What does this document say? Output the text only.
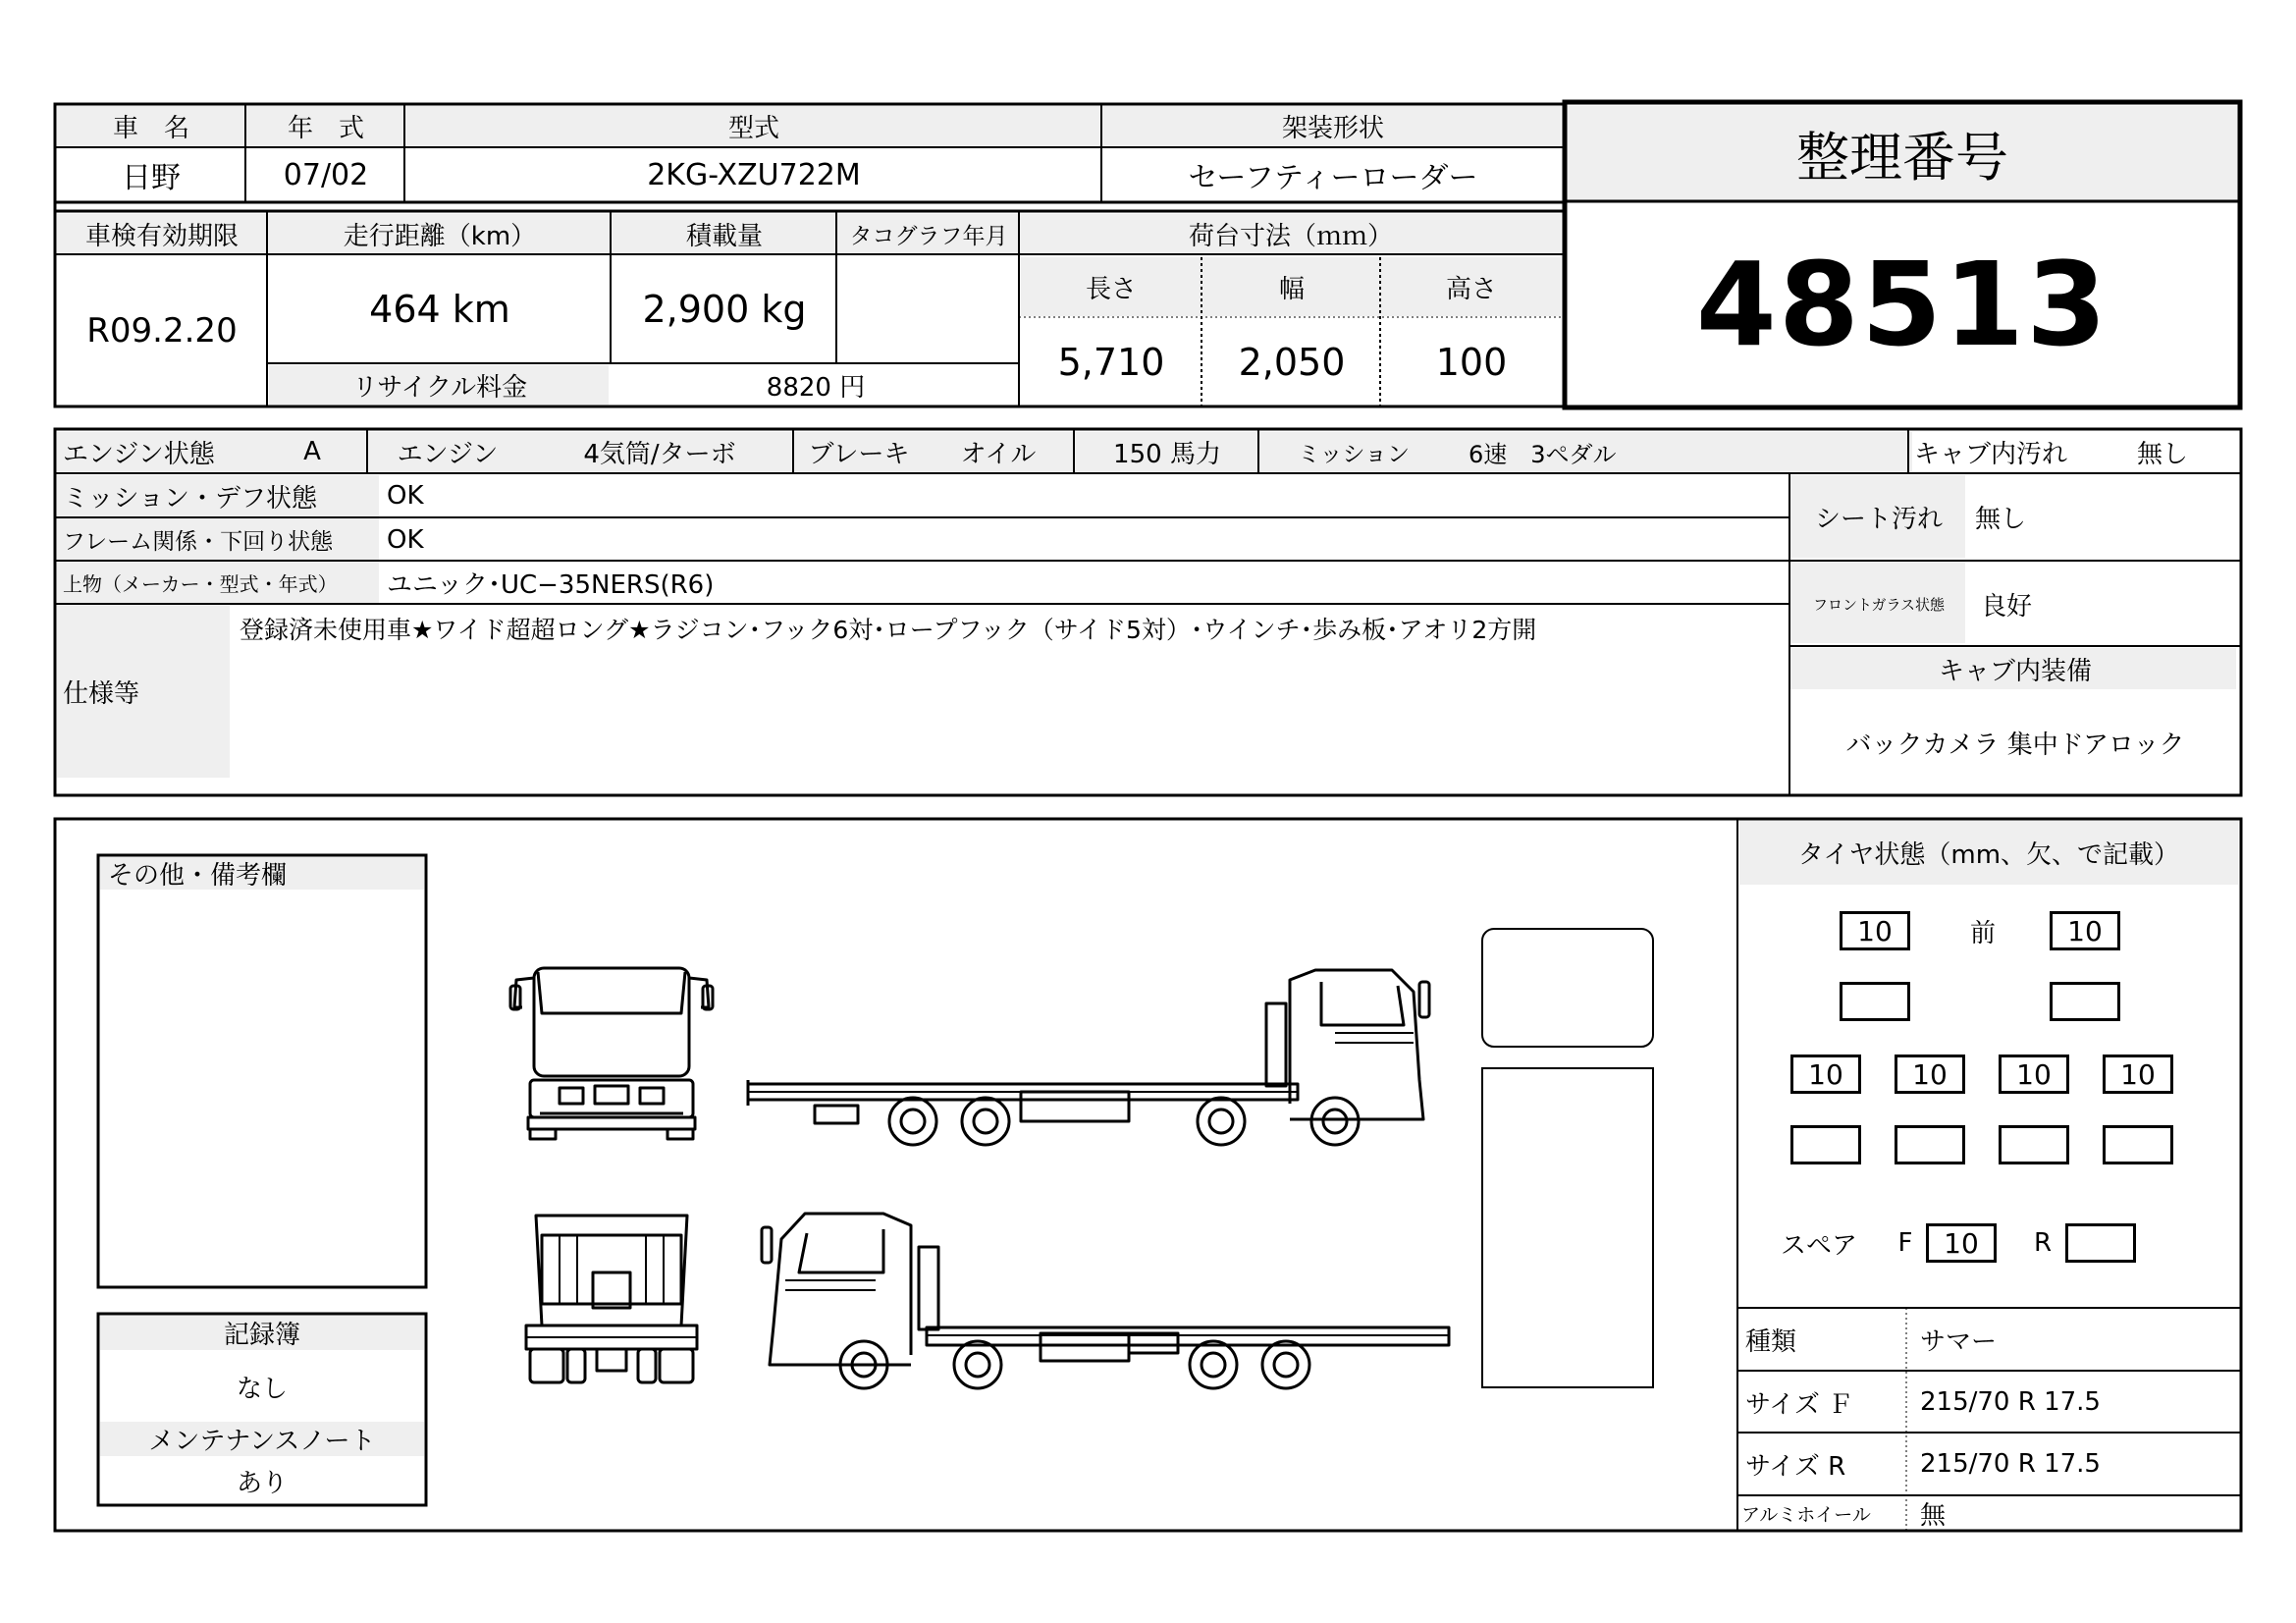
車　名	年　式	型式	架装形状
日野	07/02	2KG-XZU722M	セーフティーローダー	整理番号
48513
車検有効期限	走行距離（km）	積載量	タコグラフ年月	荷台寸法（ｍｍ）
R09.2.20	464 km	2,900 kg
リサイクル料金	8820 円
長さ	幅	高さ
5,710	2,050	100
エンジン状態	A	エンジン	4気筒/ターボ	ブレーキ	オイル	150 馬力	ミッション	6速　3ペダル	キャブ内汚れ	無し
ミッション・デフ状態	OK
フレーム関係・下回り状態	OK
上物（メーカー・型式・年式）	ユニック･UC−35NERS(R6)
仕様等
登録済未使用車★ワイド超超ロング★ラジコン･フック6対･ロープフック（サイド5対）･ウインチ･歩み板･アオリ2方開
シート汚れ	無し
フロントガラス状態	良好
キャブ内装備
バックカメラ 集中ドアロック
その他・備考欄
記録簿
なし
メンテナンスノート
あり
タイヤ状態（mm、欠、で記載）
10	前	10
10	10	10	10
スペア	F	10	R
種類	サマー
サイズ Ｆ	215/70 R 17.5
サイズ R	215/70 R 17.5
アルミホイール	無
